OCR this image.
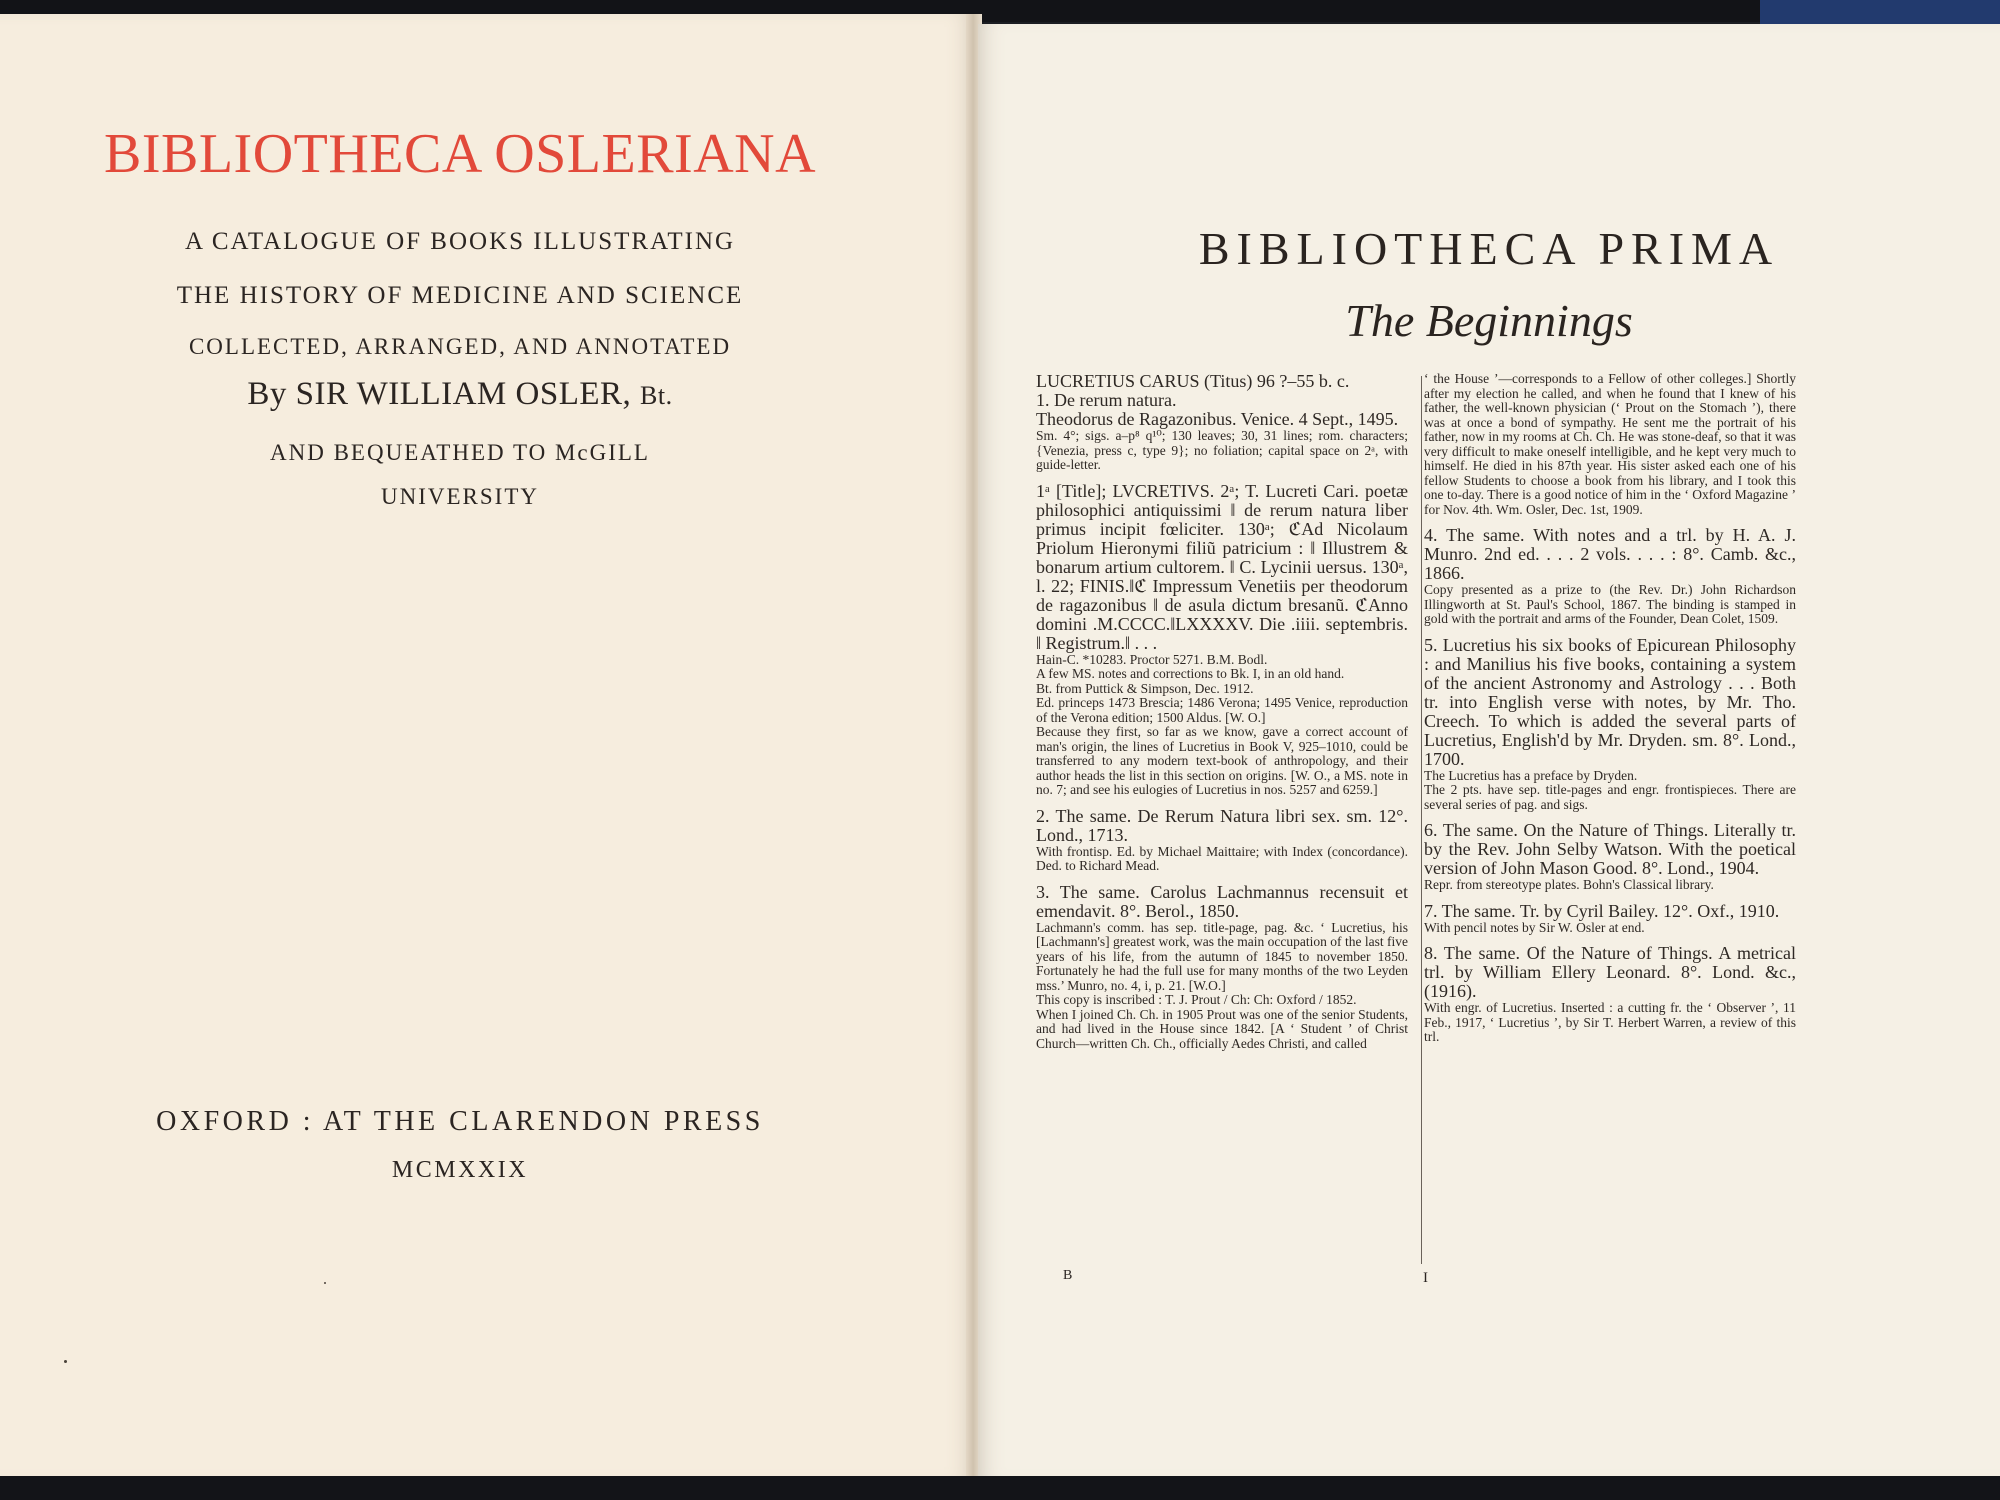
BIBLIOTHECA OSLERIANA
A CATALOGUE OF BOOKS ILLUSTRATING
THE HISTORY OF MEDICINE AND SCIENCE
COLLECTED, ARRANGED, AND ANNOTATED
By SIR WILLIAM OSLER, Bt.
AND BEQUEATHED TO McGILL
UNIVERSITY
OXFORD : AT THE CLARENDON PRESS
MCMXXIX
BIBLIOTHECA PRIMA
The Beginnings
LUCRETIUS CARUS (Titus) 96 ?–55 b. c.
1. De rerum natura.
Theodorus de Ragazonibus. Venice. 4 Sept., 1495.
Sm. 4°; sigs. a–p⁸ q¹⁰; 130 leaves; 30, 31 lines; rom. characters; {Venezia, press c, type 9}; no foliation; capital space on 2ᵃ, with guide-letter.
1ᵃ [Title]; LVCRETIVS. 2ᵃ; T. Lucreti Cari. poetæ philosophici antiquissimi ‖ de rerum natura liber primus incipit fœliciter. 130ᵃ; ℭAd Nicolaum Priolum Hieronymi filiũ patricium : ‖ Illustrem & bonarum artium cultorem. ‖ C. Lycinii uersus. 130ᵃ, l. 22; FINIS.‖ℭ Impressum Venetiis per theodorum de ragazonibus ‖ de asula dictum bresanũ. ℭAnno domini .M.CCCC.‖LXXXXV. Die .iiii. septembris. ‖ Registrum.‖ . . .
Hain-C. *10283. Proctor 5271. B.M. Bodl.
A few MS. notes and corrections to Bk. I, in an old hand.
Bt. from Puttick & Simpson, Dec. 1912.
Ed. princeps 1473 Brescia; 1486 Verona; 1495 Venice, reproduction of the Verona edition; 1500 Aldus. [W. O.]
Because they first, so far as we know, gave a correct account of man's origin, the lines of Lucretius in Book V, 925–1010, could be transferred to any modern text-book of anthropology, and their author heads the list in this section on origins. [W. O., a MS. note in no. 7; and see his eulogies of Lucretius in nos. 5257 and 6259.]
2. The same. De Rerum Natura libri sex. sm. 12°. Lond., 1713.
With frontisp. Ed. by Michael Maittaire; with Index (concordance). Ded. to Richard Mead.
3. The same. Carolus Lachmannus recensuit et emendavit. 8°. Berol., 1850.
Lachmann's comm. has sep. title-page, pag. &c. ‘ Lucretius, his [Lachmann's] greatest work, was the main occupation of the last five years of his life, from the autumn of 1845 to november 1850. Fortunately he had the full use for many months of the two Leyden mss.’ Munro, no. 4, i, p. 21. [W.O.]
This copy is inscribed : T. J. Prout / Ch: Ch: Oxford / 1852.
When I joined Ch. Ch. in 1905 Prout was one of the senior Students, and had lived in the House since 1842. [A ‘ Student ’ of Christ Church—written Ch. Ch., officially Aedes Christi, and called
‘ the House ’—corresponds to a Fellow of other colleges.] Shortly after my election he called, and when he found that I knew of his father, the well-known physician (‘ Prout on the Stomach ’), there was at once a bond of sympathy. He sent me the portrait of his father, now in my rooms at Ch. Ch. He was stone-deaf, so that it was very difficult to make oneself intelligible, and he kept very much to himself. He died in his 87th year. His sister asked each one of his fellow Students to choose a book from his library, and I took this one to-day. There is a good notice of him in the ‘ Oxford Magazine ’ for Nov. 4th. Wm. Osler, Dec. 1st, 1909.
4. The same. With notes and a trl. by H. A. J. Munro. 2nd ed. . . . 2 vols. . . . : 8°. Camb. &c., 1866.
Copy presented as a prize to (the Rev. Dr.) John Richardson Illingworth at St. Paul's School, 1867. The binding is stamped in gold with the portrait and arms of the Founder, Dean Colet, 1509.
5. Lucretius his six books of Epicurean Philosophy : and Manilius his five books, containing a system of the ancient Astronomy and Astrology . . . Both tr. into English verse with notes, by Mr. Tho. Creech. To which is added the several parts of Lucretius, English'd by Mr. Dryden. sm. 8°. Lond., 1700.
The Lucretius has a preface by Dryden.
The 2 pts. have sep. title-pages and engr. frontispieces. There are several series of pag. and sigs.
6. The same. On the Nature of Things. Literally tr. by the Rev. John Selby Watson. With the poetical version of John Mason Good. 8°. Lond., 1904.
Repr. from stereotype plates. Bohn's Classical library.
7. The same. Tr. by Cyril Bailey. 12°. Oxf., 1910.
With pencil notes by Sir W. Osler at end.
8. The same. Of the Nature of Things. A metrical trl. by William Ellery Leonard. 8°. Lond. &c., (1916).
With engr. of Lucretius. Inserted : a cutting fr. the ‘ Observer ’, 11 Feb., 1917, ‘ Lucretius ’, by Sir T. Herbert Warren, a review of this trl.
B	I
